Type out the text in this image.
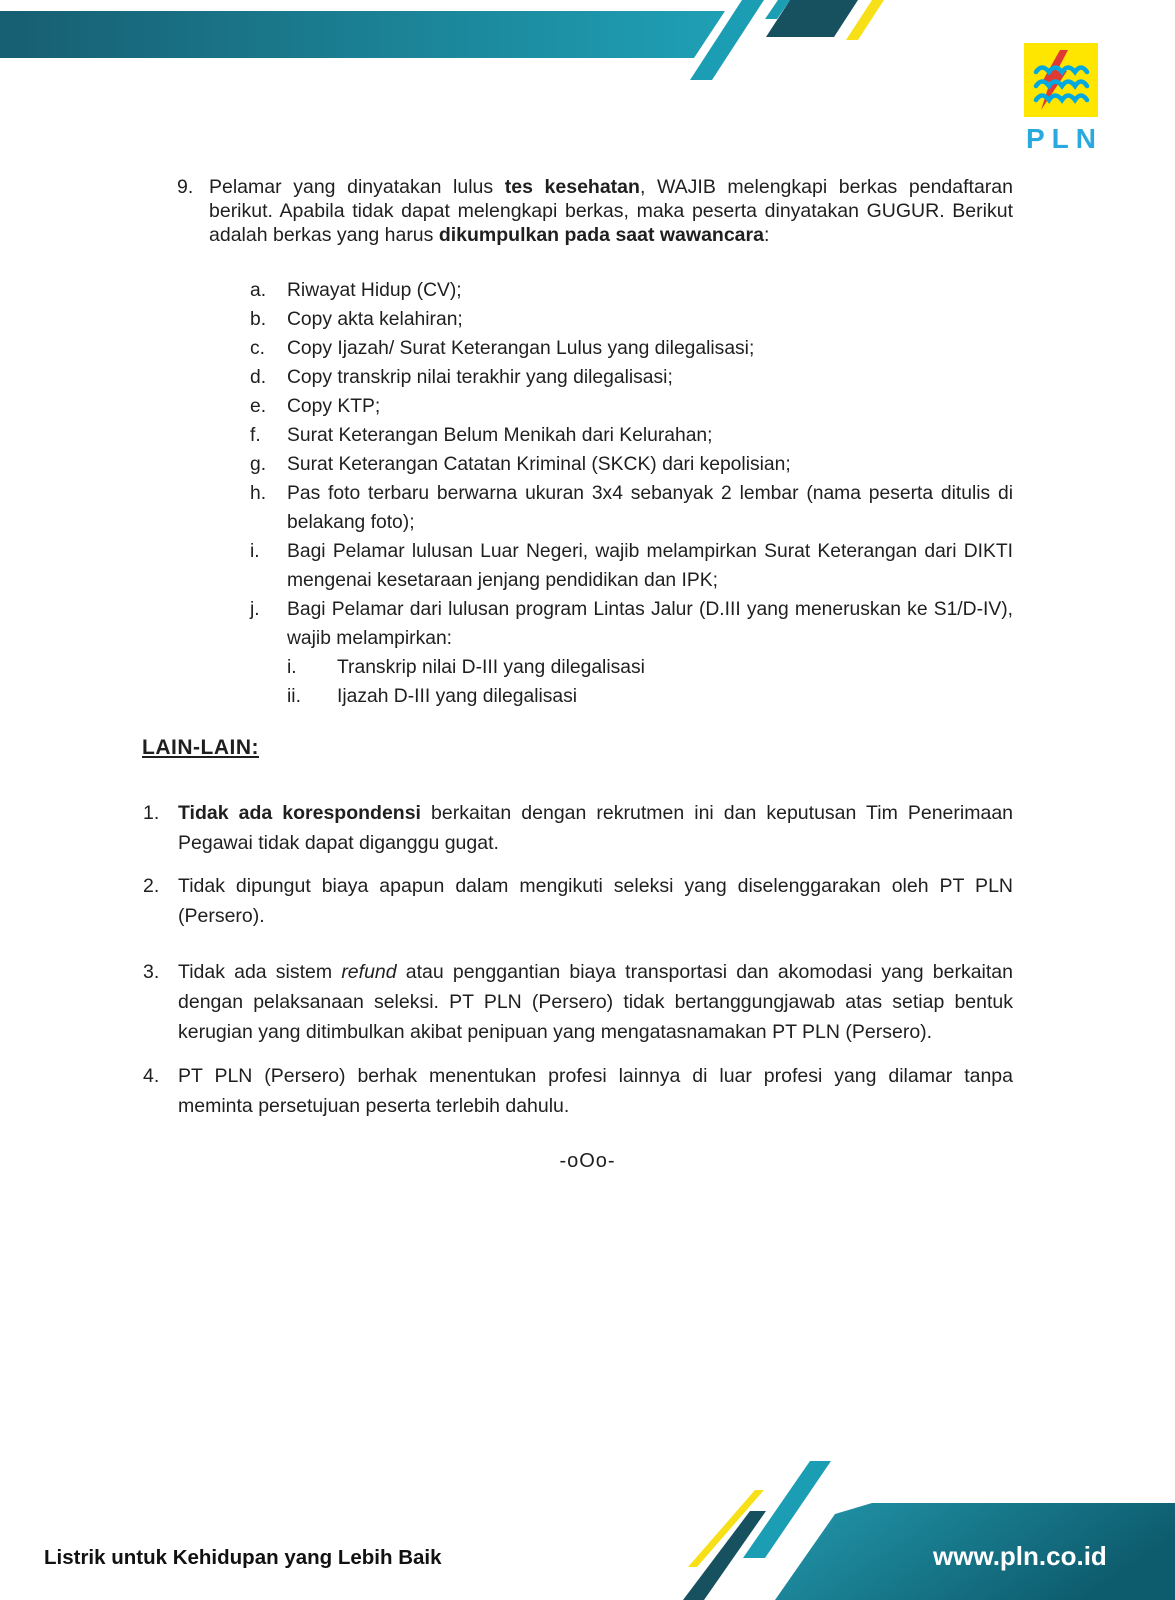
PLN
9. Pelamar yang dinyatakan lulus tes kesehatan, WAJIB melengkapi berkas pendaftaran berikut. Apabila tidak dapat melengkapi berkas, maka peserta dinyatakan GUGUR. Berikut adalah berkas yang harus dikumpulkan pada saat wawancara:
a.	Riwayat Hidup (CV);
b.	Copy akta kelahiran;
c.	Copy Ijazah/ Surat Keterangan Lulus yang dilegalisasi;
d.	Copy transkrip nilai terakhir yang dilegalisasi;
e.	Copy KTP;
f.	Surat Keterangan Belum Menikah dari Kelurahan;
g.	Surat Keterangan Catatan Kriminal (SKCK) dari kepolisian;
h.	Pas foto terbaru berwarna ukuran 3x4 sebanyak 2 lembar (nama peserta ditulis di belakang foto);
i.	Bagi Pelamar lulusan Luar Negeri, wajib melampirkan Surat Keterangan dari DIKTI mengenai kesetaraan jenjang pendidikan dan IPK;
j.	Bagi Pelamar dari lulusan program Lintas Jalur (D.III yang meneruskan ke S1/D-IV), wajib melampirkan:
i.	Transkrip nilai D-III yang dilegalisasi
ii.	Ijazah D-III yang dilegalisasi
LAIN-LAIN:
1. Tidak ada korespondensi berkaitan dengan rekrutmen ini dan keputusan Tim Penerimaan Pegawai tidak dapat diganggu gugat.
2. Tidak dipungut biaya apapun dalam mengikuti seleksi yang diselenggarakan oleh PT PLN (Persero).
3. Tidak ada sistem refund atau penggantian biaya transportasi dan akomodasi yang berkaitan dengan pelaksanaan seleksi. PT PLN (Persero) tidak bertanggungjawab atas setiap bentuk kerugian yang ditimbulkan akibat penipuan yang mengatasnamakan PT PLN (Persero).
4. PT PLN (Persero) berhak menentukan profesi lainnya di luar profesi yang dilamar tanpa meminta persetujuan peserta terlebih dahulu.
-oOo-
Listrik untuk Kehidupan yang Lebih Baik	www.pln.co.id
